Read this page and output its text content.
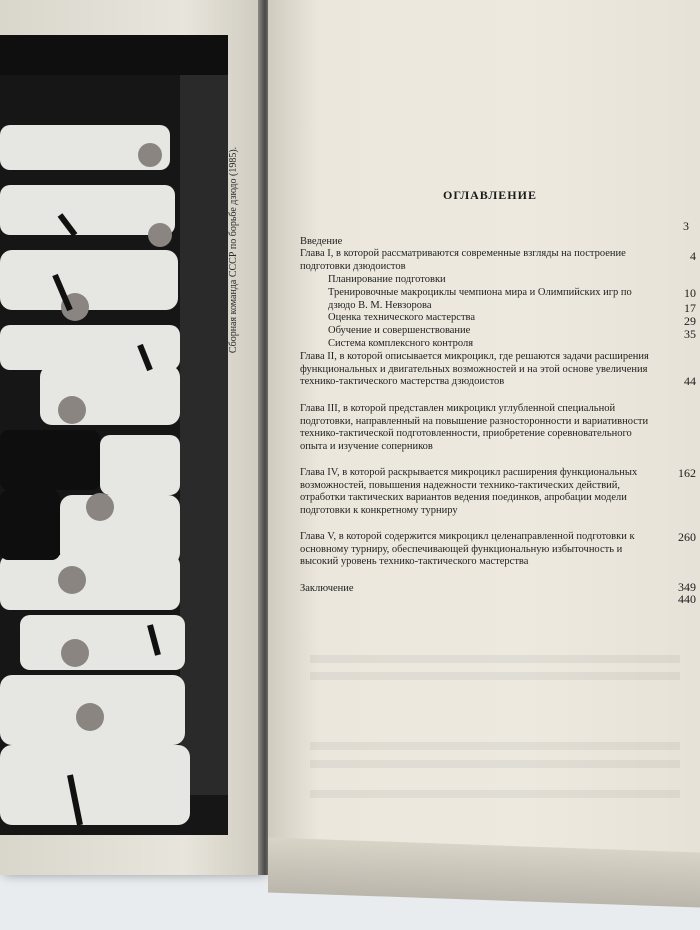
Сборная команда СССР по борьбе дзюдо (1985).	ОГЛАВЛЕНИЕ
3
Введение
Глава I, в которой рассматриваются современные взгляды на построение подготовки дзюдоистов
4
Планирование подготовки
Тренировочные макроциклы чемпиона мира и Олимпийских игр по дзюдо В. М. Невзорова
10
Оценка технического мастерства
17
Обучение и совершенствование
29
Система комплексного контроля
35
Глава II, в которой описывается микроцикл, где решаются задачи расширения функциональных и двигательных возможностей и на этой основе увеличения технико-тактического мастерства дзюдоистов	44
Глава III, в которой представлен микроцикл углубленной специальной подготовки, направленный на повышение разносторонности и вариативности технико-тактической подготовленности, приобретение соревновательного опыта и изучение соперников
162
Глава IV, в которой раскрывается микроцикл расширения функциональных возможностей, повышения надежности технико-тактических действий, отработки тактических вариантов ведения поединков, апробации модели подготовки к конкретному турниру
260
Глава V, в которой содержится микроцикл целенаправленной подготовки к основному турниру, обеспечивающей функциональную избыточность и высокий уровень технико-тактического мастерства
349
Заключение
440
